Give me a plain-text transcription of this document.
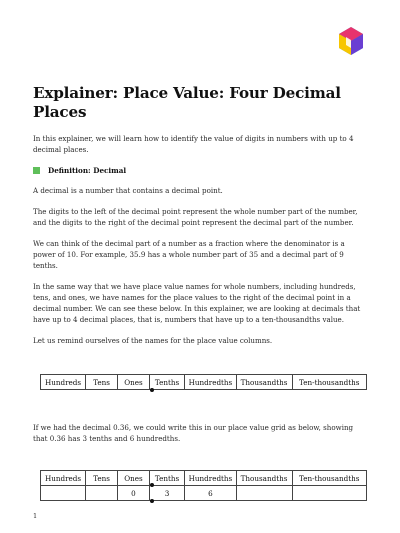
Explainer: Place Value: Four Decimal Places

In this explainer, we will learn how to identify the value of digits in numbers with up to 4 decimal places.

Definition: Decimal

A decimal is a number that contains a decimal point.

The digits to the left of the decimal point represent the whole number part of the number, and the digits to the right of the decimal point represent the decimal part of the number.

We can think of the decimal part of a number as a fraction where the denominator is a power of 10. For example, 35.9 has a whole number part of 35 and a decimal part of 9 tenths.

In the same way that we have place value names for whole numbers, including hundreds, tens, and ones, we have names for the place values to the right of the decimal point in a decimal number. We can see these below. In this explainer, we are looking at decimals that have up to 4 decimal places, that is, numbers that have up to a ten-thousandths value.

Let us remind ourselves of the names for the place value columns.

Hundreds	Tens	Ones	Tenths	Hundredths	Thousandths	Ten-thousandths

If we had the decimal 0.36, we could write this in our place value grid as below, showing that 0.36 has 3 tenths and 6 hundredths.

Hundreds	Tens	Ones	Tenths	Hundredths	Thousandths	Ten-thousandths
		0	3	6		
1
